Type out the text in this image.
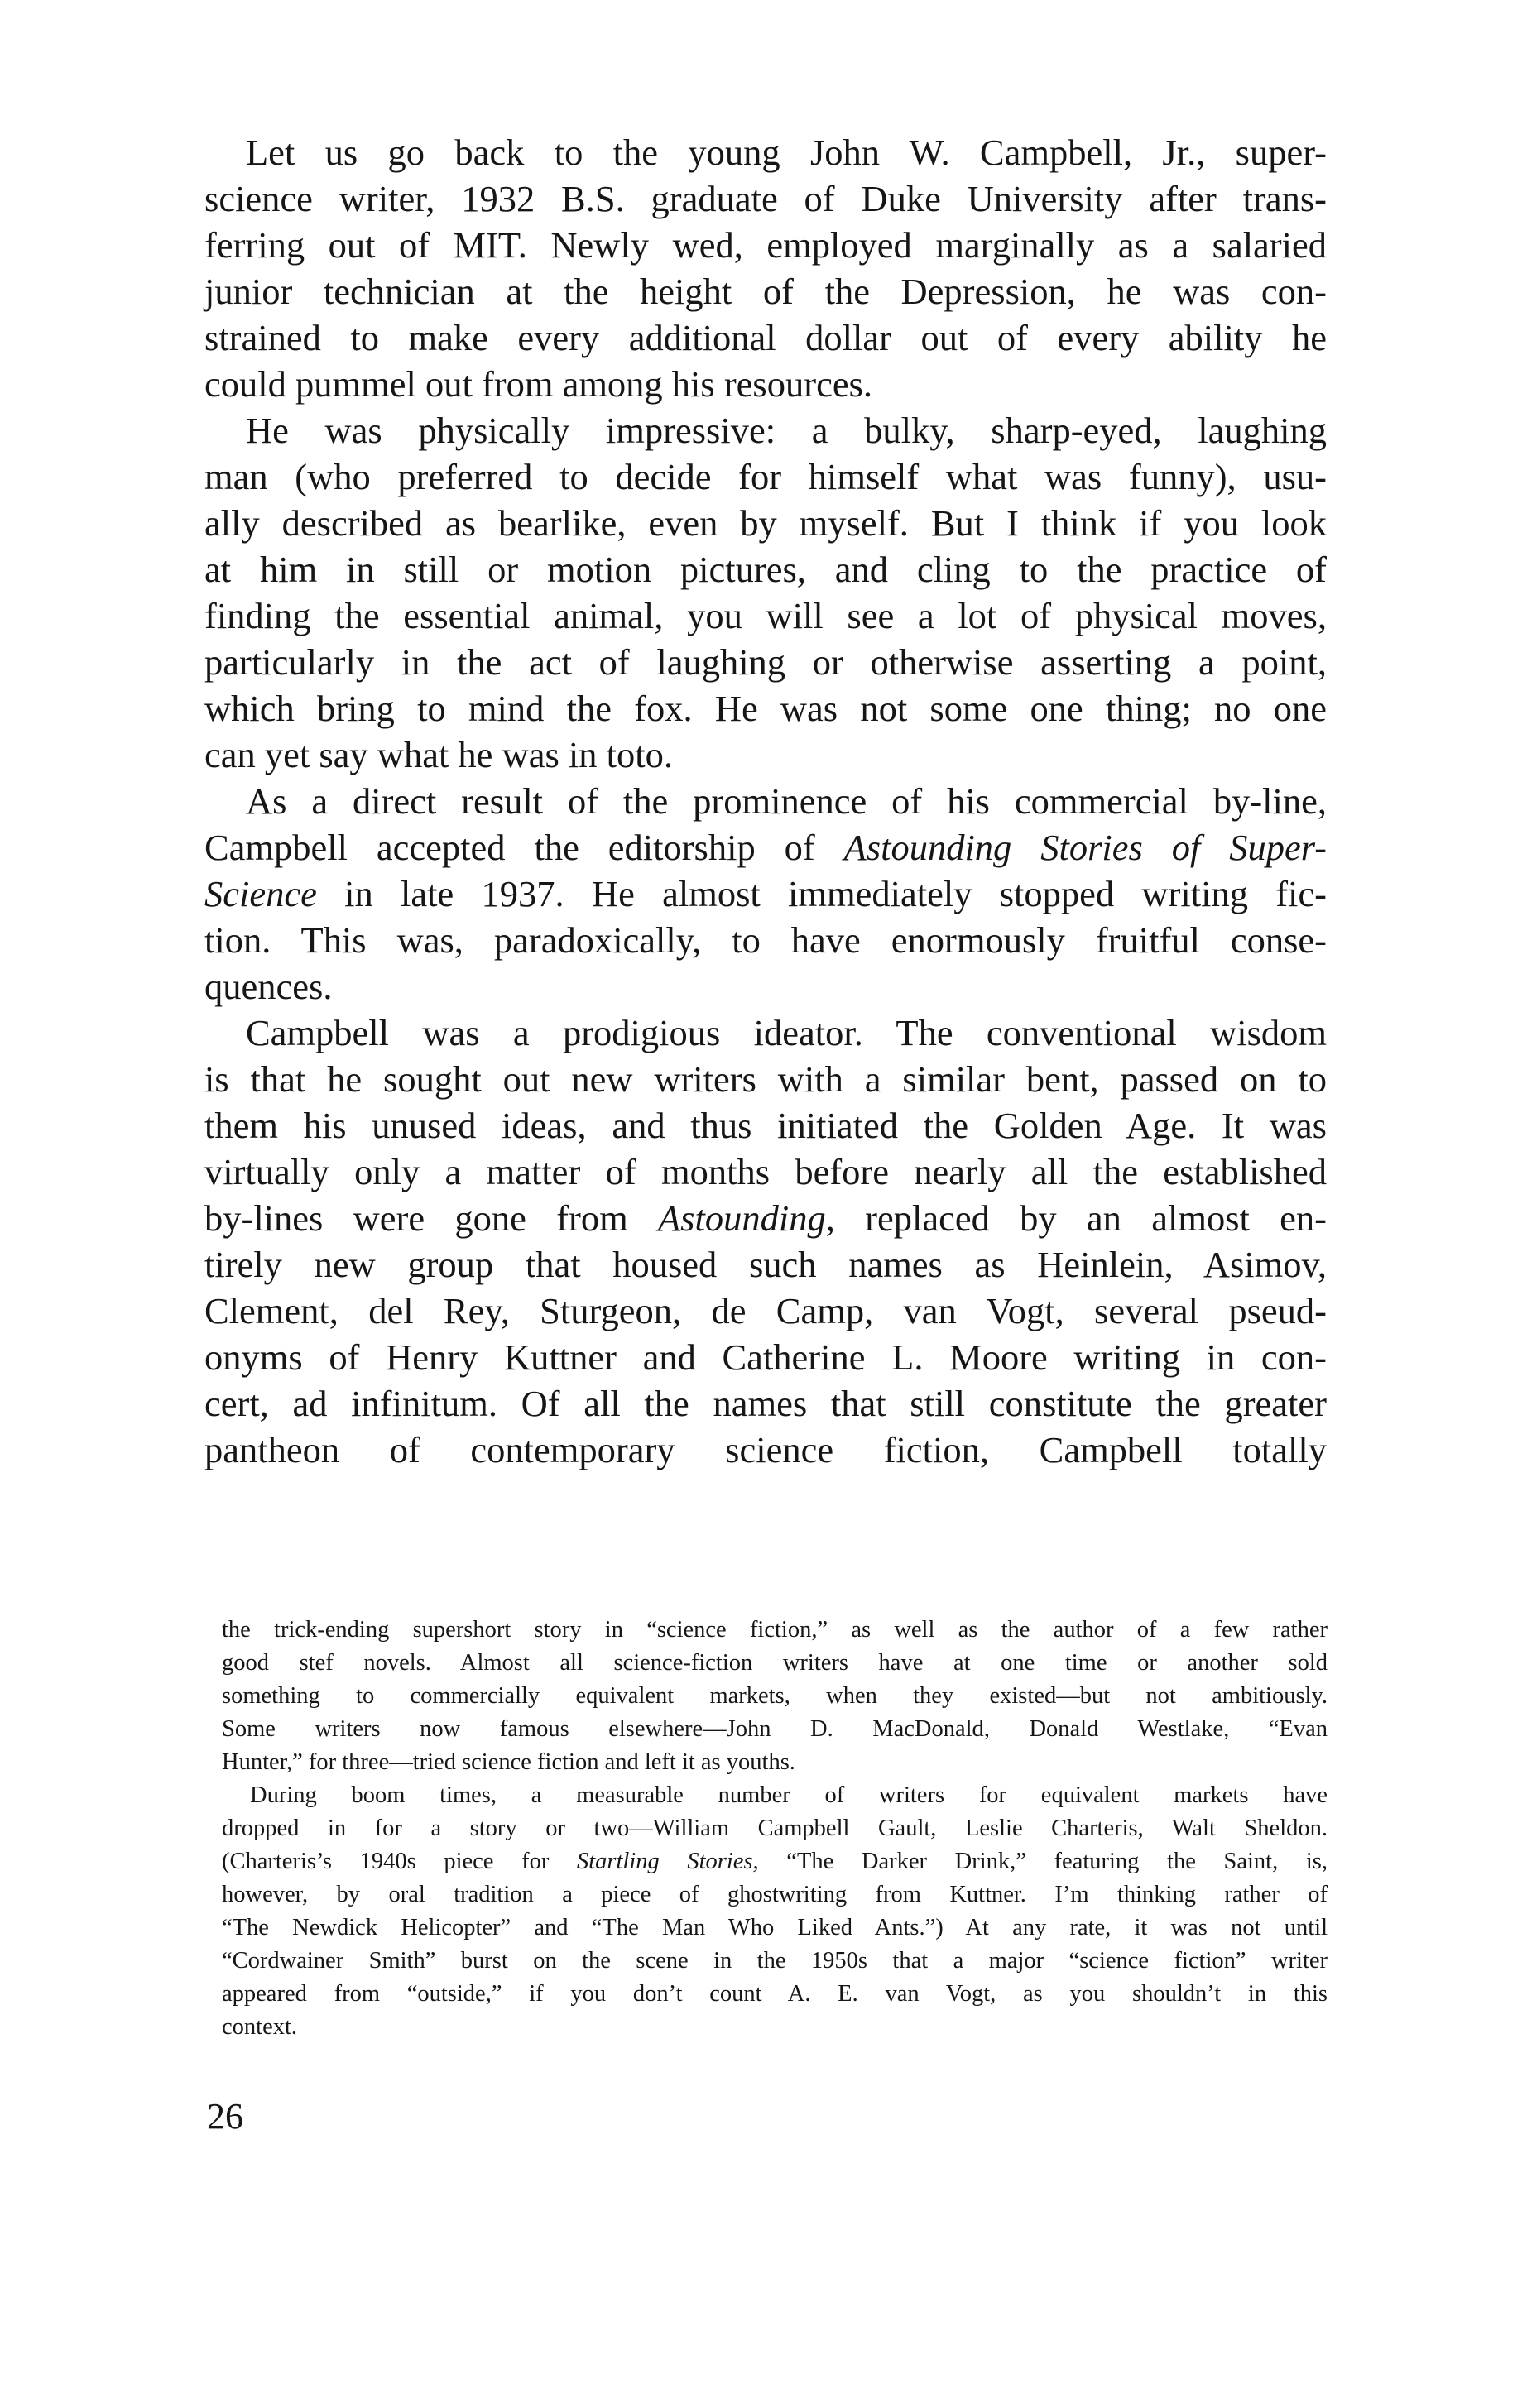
Let us go back to the young John W. Campbell, Jr., super-
science writer, 1932 B.S. graduate of Duke University after trans-
ferring out of MIT. Newly wed, employed marginally as a salaried
junior technician at the height of the Depression, he was con-
strained to make every additional dollar out of every ability he
could pummel out from among his resources.
He was physically impressive: a bulky, sharp-eyed, laughing
man (who preferred to decide for himself what was funny), usu-
ally described as bearlike, even by myself. But I think if you look
at him in still or motion pictures, and cling to the practice of
finding the essential animal, you will see a lot of physical moves,
particularly in the act of laughing or otherwise asserting a point,
which bring to mind the fox. He was not some one thing; no one
can yet say what he was in toto.
As a direct result of the prominence of his commercial by-line,
Campbell accepted the editorship of Astounding Stories of Super-
Science in late 1937. He almost immediately stopped writing fic-
tion. This was, paradoxically, to have enormously fruitful conse-
quences.
Campbell was a prodigious ideator. The conventional wisdom
is that he sought out new writers with a similar bent, passed on to
them his unused ideas, and thus initiated the Golden Age. It was
virtually only a matter of months before nearly all the established
by-lines were gone from Astounding, replaced by an almost en-
tirely new group that housed such names as Heinlein, Asimov,
Clement, del Rey, Sturgeon, de Camp, van Vogt, several pseud-
onyms of Henry Kuttner and Catherine L. Moore writing in con-
cert, ad infinitum. Of all the names that still constitute the greater
pantheon of contemporary science fiction, Campbell totally
the trick-ending supershort story in “science fiction,” as well as the author of a few rather
good stef novels. Almost all science-fiction writers have at one time or another sold
something to commercially equivalent markets, when they existed—but not ambitiously.
Some writers now famous elsewhere—John D. MacDonald, Donald Westlake, “Evan
Hunter,” for three—tried science fiction and left it as youths.
During boom times, a measurable number of writers for equivalent markets have
dropped in for a story or two—William Campbell Gault, Leslie Charteris, Walt Sheldon.
(Charteris’s 1940s piece for Startling Stories, “The Darker Drink,” featuring the Saint, is,
however, by oral tradition a piece of ghostwriting from Kuttner. I’m thinking rather of
“The Newdick Helicopter” and “The Man Who Liked Ants.”) At any rate, it was not until
“Cordwainer Smith” burst on the scene in the 1950s that a major “science fiction” writer
appeared from “outside,” if you don’t count A. E. van Vogt, as you shouldn’t in this
context.
26
